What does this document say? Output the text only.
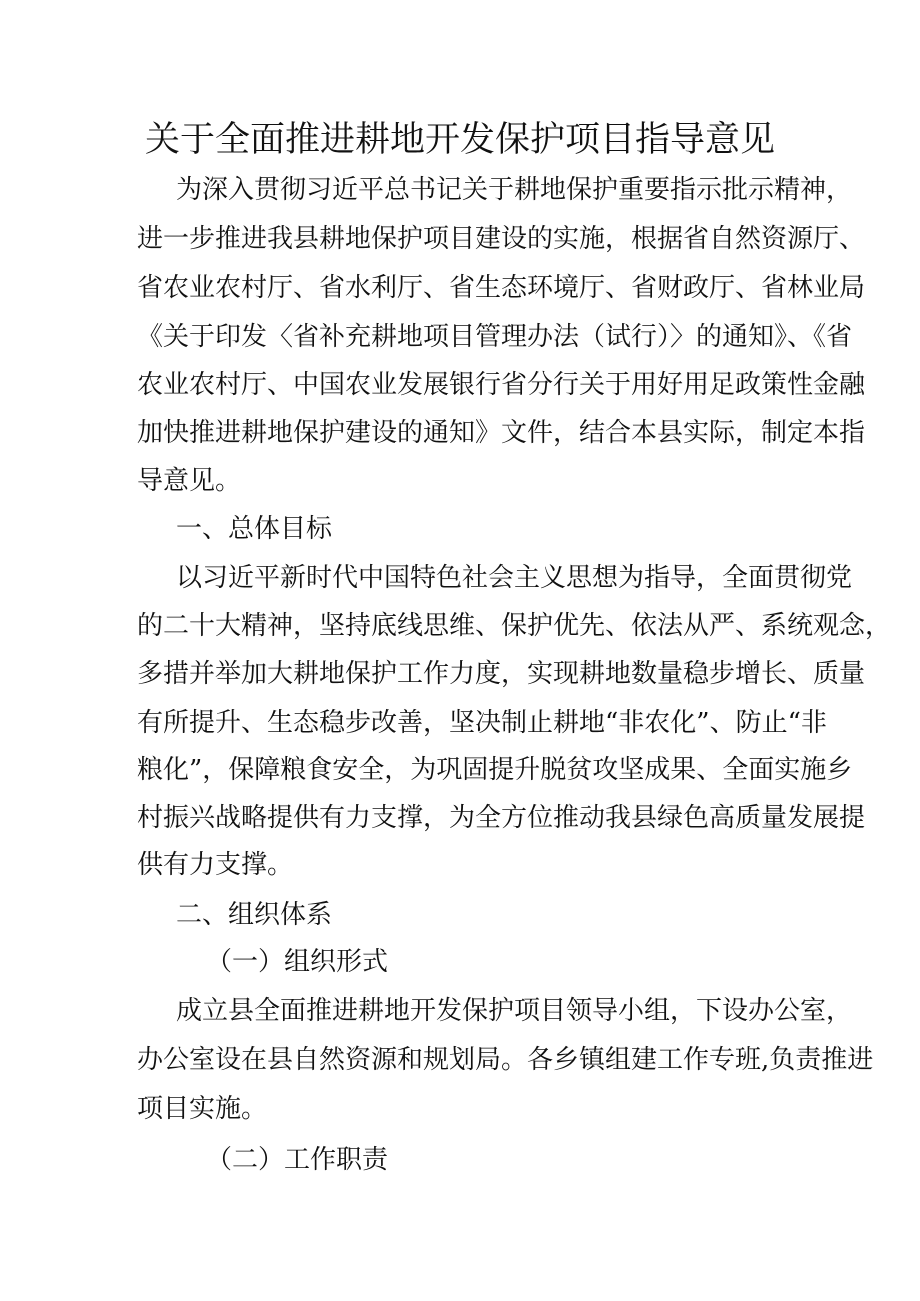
关于全面推进耕地开发保护项目指导意见
为深入贯彻习近平总书记关于耕地保护重要指示批示精神，
进一步推进我县耕地保护项目建设的实施，根据省自然资源厅、
省农业农村厅、省水利厅、省生态环境厅、省财政厅、省林业局
《关于印发〈省补充耕地项目管理办法（试行）〉的通知》、《省
农业农村厅、中国农业发展银行省分行关于用好用足政策性金融
加快推进耕地保护建设的通知》文件，结合本县实际，制定本指
导意见。
一、总体目标
以习近平新时代中国特色社会主义思想为指导，全面贯彻党
的二十大精神，坚持底线思维、保护优先、依法从严、系统观念，
多措并举加大耕地保护工作力度，实现耕地数量稳步增长、质量
有所提升、生态稳步改善，坚决制止耕地“非农化”、防止“非
粮化”，保障粮食安全，为巩固提升脱贫攻坚成果、全面实施乡
村振兴战略提供有力支撑，为全方位推动我县绿色高质量发展提
供有力支撑。
二、组织体系
（一）组织形式
成立县全面推进耕地开发保护项目领导小组，下设办公室，
办公室设在县自然资源和规划局。各乡镇组建工作专班,负责推进
项目实施。
（二）工作职责
